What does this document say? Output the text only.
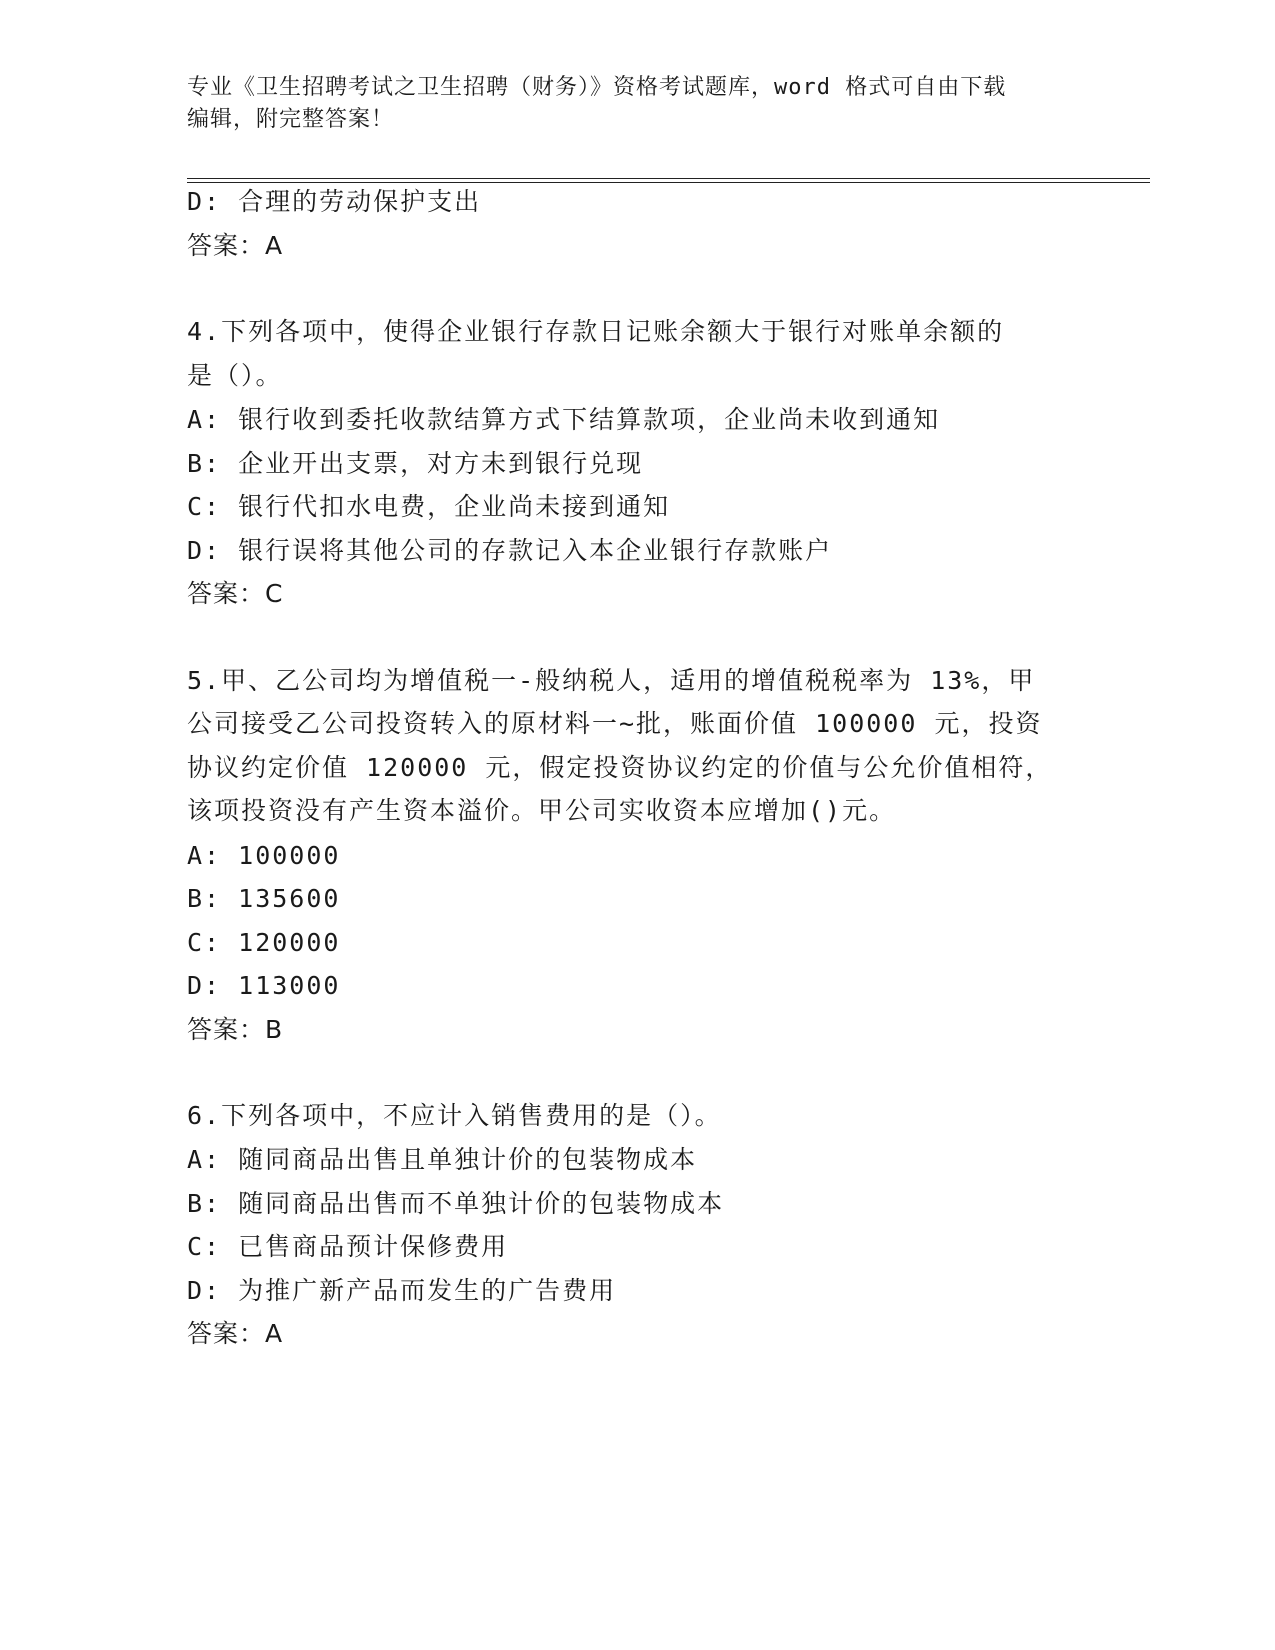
专业《卫生招聘考试之卫生招聘（财务）》资格考试题库，word 格式可自由下载
编辑，附完整答案！
D: 合理的劳动保护支出
答案：A
4.下列各项中，使得企业银行存款日记账余额大于银行对账单余额的
是（）。
A: 银行收到委托收款结算方式下结算款项，企业尚未收到通知
B: 企业开出支票，对方未到银行兑现
C: 银行代扣水电费，企业尚未接到通知
D: 银行误将其他公司的存款记入本企业银行存款账户
答案：C
5.甲、乙公司均为增值税一-般纳税人，适用的增值税税率为 13%，甲
公司接受乙公司投资转入的原材料一~批，账面价值 100000 元，投资
协议约定价值 120000 元，假定投资协议约定的价值与公允价值相符，
该项投资没有产生资本溢价。甲公司实收资本应增加()元。
A: 100000
B: 135600
C: 120000
D: 113000
答案：B
6.下列各项中，不应计入销售费用的是（）。
A: 随同商品出售且单独计价的包装物成本
B: 随同商品出售而不单独计价的包装物成本
C: 已售商品预计保修费用
D: 为推广新产品而发生的广告费用
答案：A
